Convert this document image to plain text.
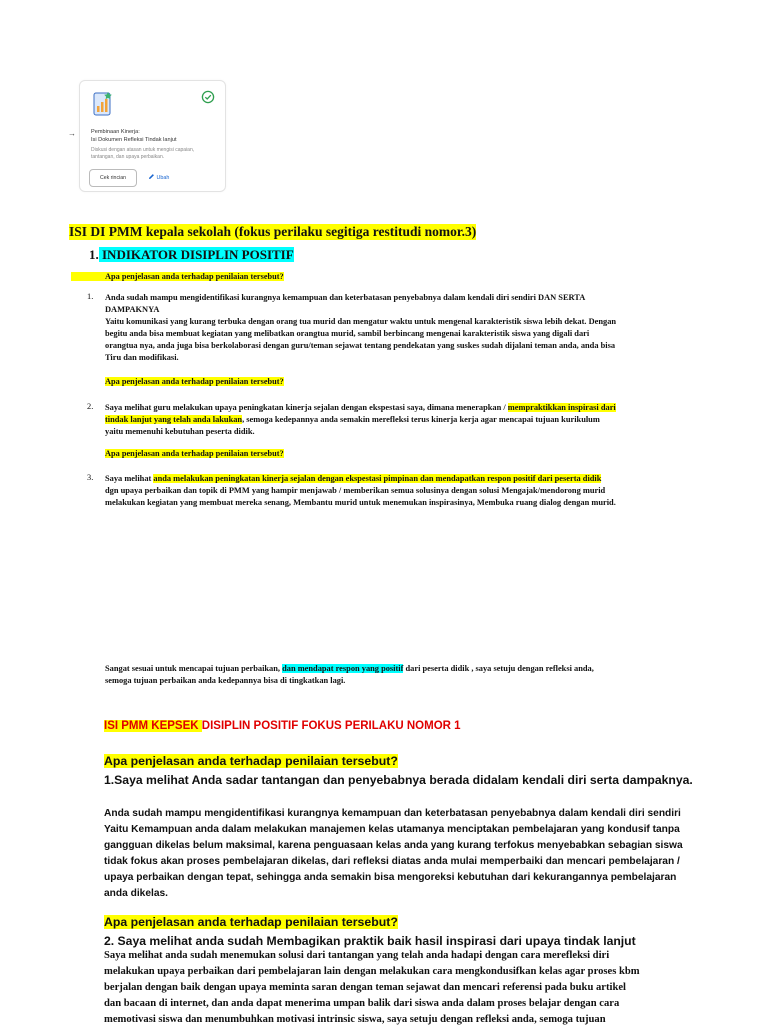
→	Pembinaan Kinerja:
Isi Dokumen Refleksi Tindak lanjut
Diskusi dengan atasan untuk mengisi capaian,
tantangan, dan upaya perbaikan.
Cek rincian	Ubah
ISI DI PMM kepala sekolah (fokus perilaku segitiga restitudi nomor.3)
1. INDIKATOR DISIPLIN POSITIF
Apa penjelasan anda terhadap penilaian tersebut?
1.	Anda sudah mampu mengidentifikasi kurangnya kemampuan dan keterbatasan penyebabnya dalam kendali diri sendiri DAN SERTA
DAMPAKNYA
Yaitu komunikasi yang kurang terbuka dengan orang tua murid dan mengatur waktu untuk mengenal karakteristik siswa lebih dekat. Dengan
begitu anda bisa membuat kegiatan yang melibatkan orangtua murid, sambil berbincang mengenai karakteristik siswa yang digali dari
orangtua nya, anda juga bisa berkolaborasi dengan guru/teman sejawat tentang pendekatan yang suskes sudah dijalani teman anda, anda bisa
Tiru dan modifikasi.
Apa penjelasan anda terhadap penilaian tersebut?
2.	Saya melihat guru melakukan upaya peningkatan kinerja sejalan dengan ekspestasi saya, dimana menerapkan / mempraktikkan inspirasi dari
tindak lanjut yang telah anda lakukan, semoga kedepannya anda semakin merefleksi terus kinerja kerja agar mencapai tujuan kurikulum
yaitu memenuhi kebutuhan peserta didik.
Apa penjelasan anda terhadap penilaian tersebut?
3.	Saya melihat anda melakukan peningkatan kinerja sejalan dengan ekspestasi pimpinan dan mendapatkan respon positif dari peserta didik
dgn upaya perbaikan dan topik di PMM yang hampir menjawab / memberikan semua solusinya dengan solusi Mengajak/mendorong murid
melakukan kegiatan yang membuat mereka senang, Membantu murid untuk menemukan inspirasinya, Membuka ruang dialog dengan murid.
Sangat sesuai untuk mencapai tujuan perbaikan, dan mendapat respon yang positif dari peserta didik , saya setuju dengan refleksi anda,
semoga tujuan perbaikan anda kedepannya bisa di tingkatkan lagi.
ISI PMM KEPSEK DISIPLIN POSITIF FOKUS PERILAKU NOMOR 1
Apa penjelasan anda terhadap penilaian tersebut?
1.Saya melihat Anda sadar tantangan dan penyebabnya berada didalam kendali diri serta dampaknya.
Anda sudah mampu mengidentifikasi kurangnya kemampuan dan keterbatasan penyebabnya dalam kendali diri sendiri
Yaitu Kemampuan anda dalam melakukan manajemen kelas utamanya menciptakan pembelajaran yang kondusif tanpa
gangguan dikelas belum maksimal, karena penguasaan kelas anda yang kurang terfokus menyebabkan sebagian siswa
tidak fokus akan proses pembelajaran dikelas, dari refleksi diatas anda mulai memperbaiki dan mencari pembelajaran /
upaya perbaikan dengan tepat, sehingga anda semakin bisa mengoreksi kebutuhan dari kekurangannya pembelajaran
anda dikelas.
Apa penjelasan anda terhadap penilaian tersebut?
2. Saya melihat anda sudah Membagikan praktik baik hasil inspirasi dari upaya tindak lanjut
Saya melihat anda sudah menemukan solusi dari tantangan yang telah anda hadapi dengan cara merefleksi diri
melakukan upaya perbaikan dari pembelajaran lain dengan melakukan cara mengkondusifkan kelas agar proses kbm
berjalan dengan baik dengan upaya meminta saran dengan teman sejawat dan mencari referensi pada buku artikel
dan bacaan di internet, dan anda dapat menerima umpan balik dari siswa anda dalam proses belajar dengan cara
memotivasi siswa dan menumbuhkan motivasi intrinsic siswa, saya setuju dengan refleksi anda, semoga tujuan
